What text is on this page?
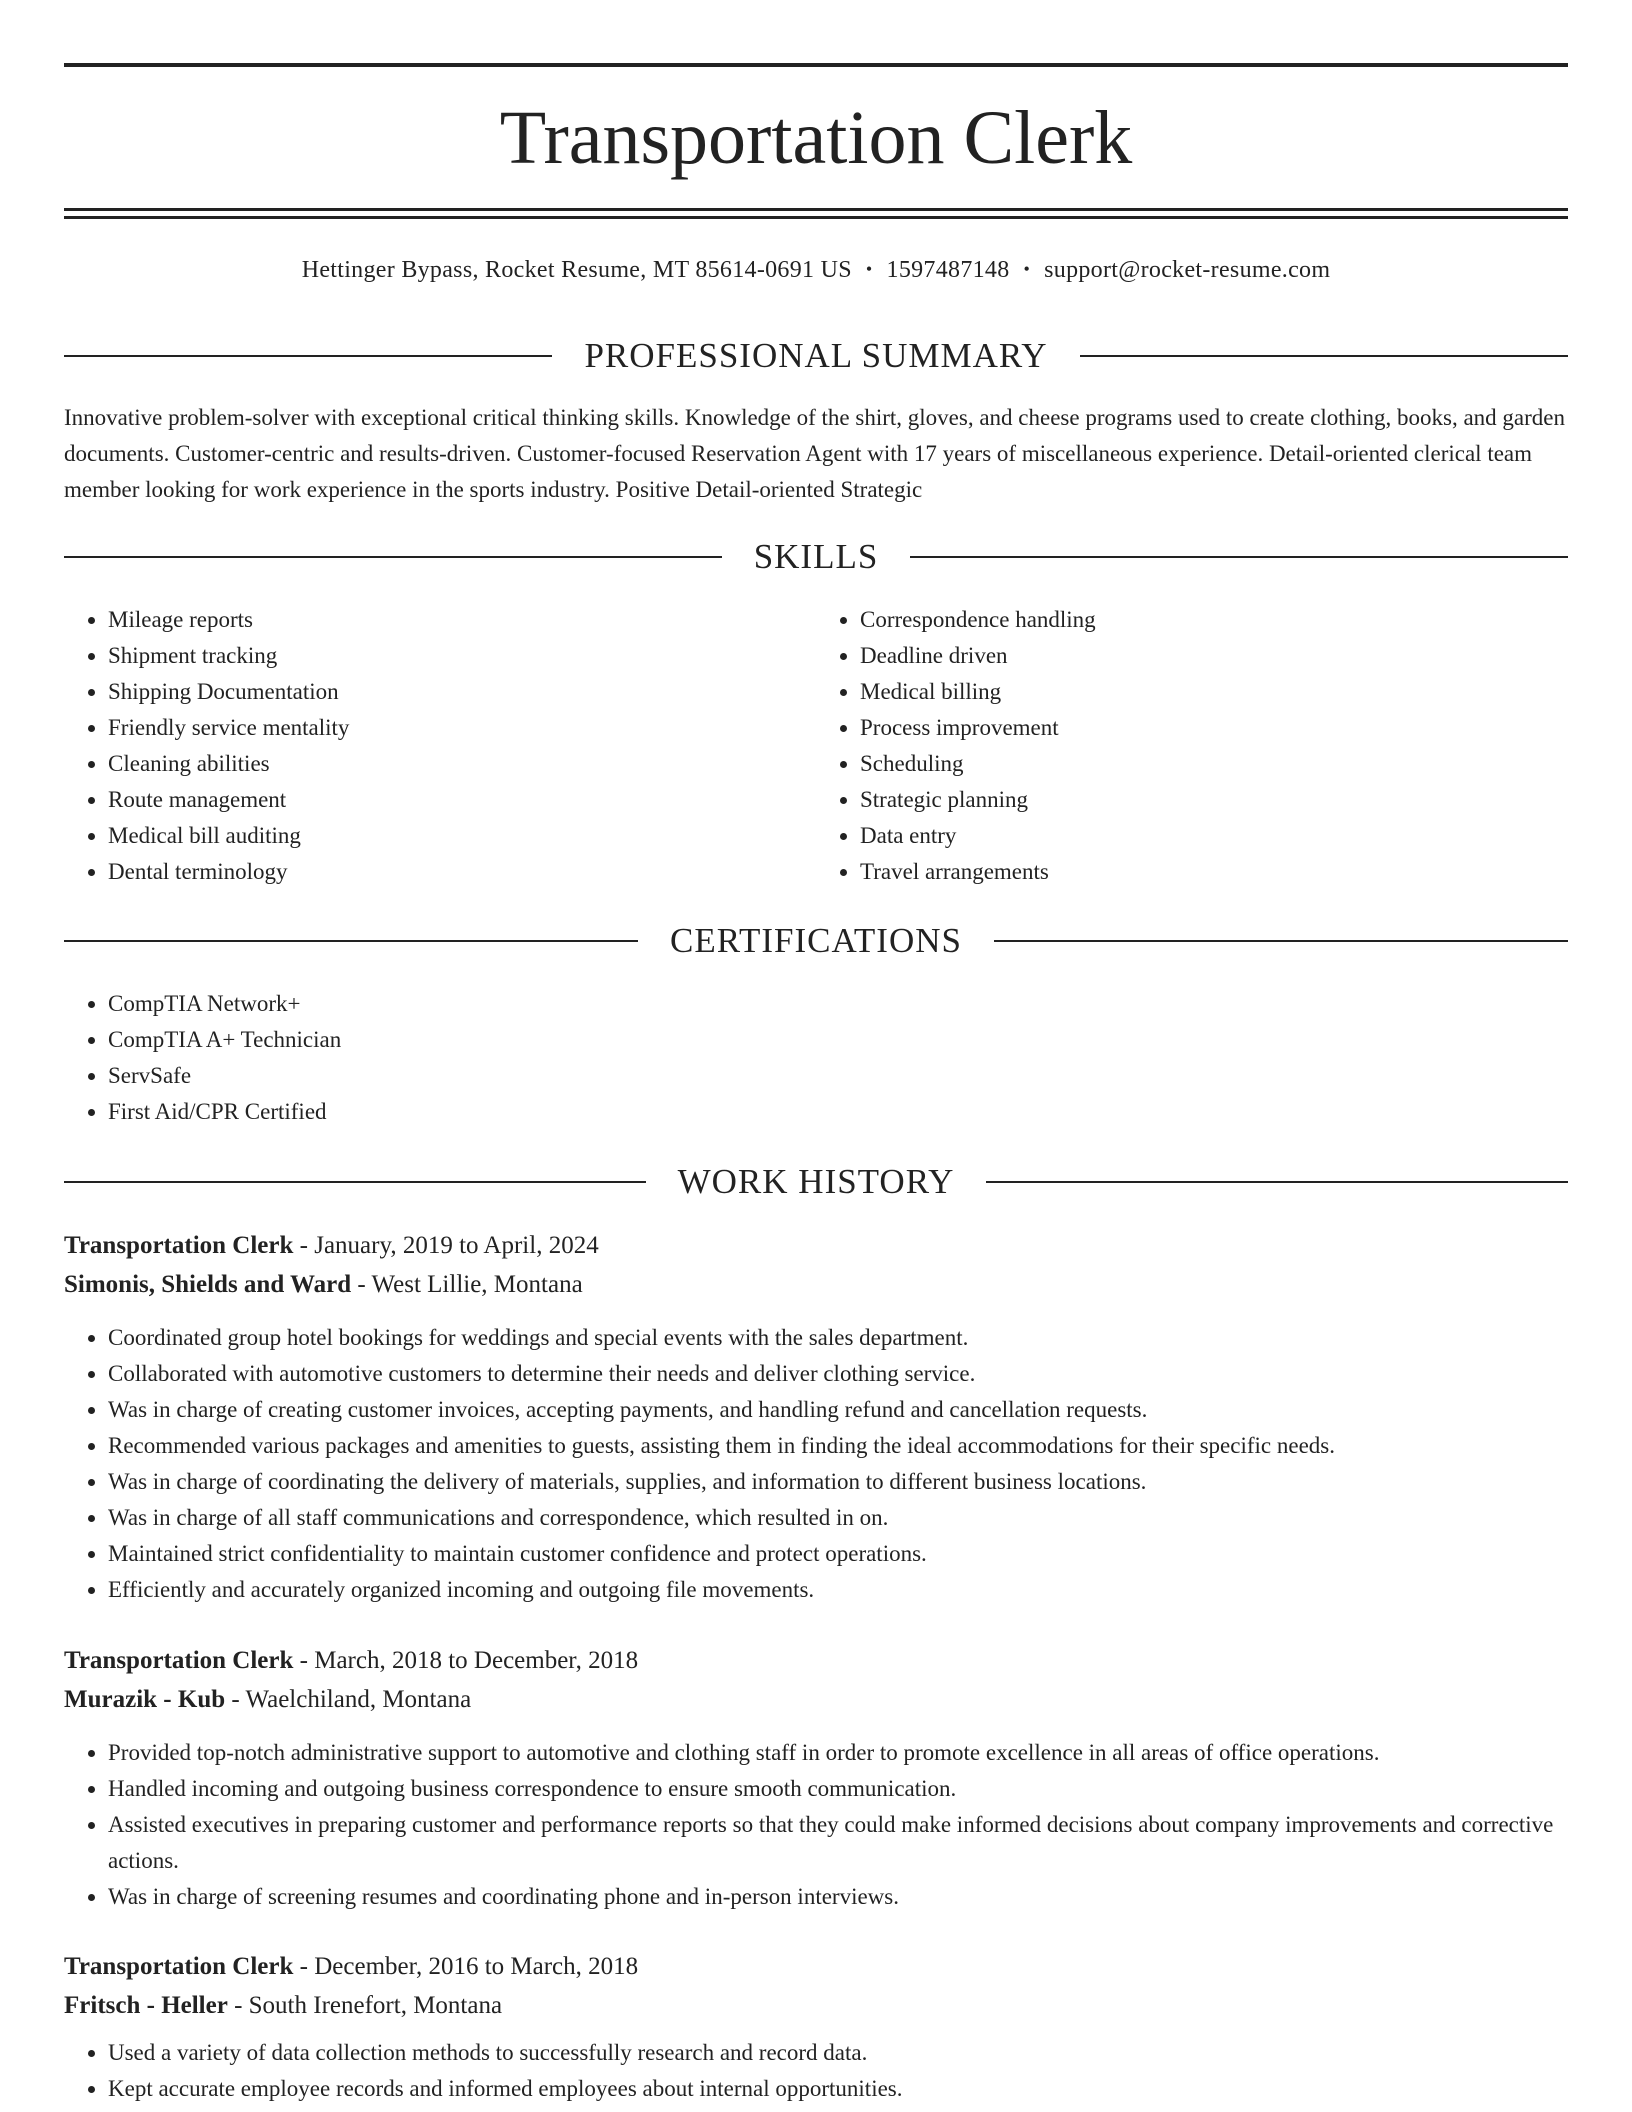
Transportation Clerk
Hettinger Bypass, Rocket Resume, MT 85614-0691 US • 1597487148 • support@rocket-resume.com
PROFESSIONAL SUMMARY

Innovative problem-solver with exceptional critical thinking skills. Knowledge of the shirt, gloves, and cheese programs used to create clothing, books, and garden documents. Customer-centric and results-driven. Customer-focused Reservation Agent with 17 years of miscellaneous experience. Detail-oriented clerical team member looking for work experience in the sports industry. Positive Detail-oriented Strategic

SKILLS
• Mileage reports
• Shipment tracking
• Shipping Documentation
• Friendly service mentality
• Cleaning abilities
• Route management
• Medical bill auditing
• Dental terminology
• Correspondence handling
• Deadline driven
• Medical billing
• Process improvement
• Scheduling
• Strategic planning
• Data entry
• Travel arrangements
CERTIFICATIONS
• CompTIA Network+
• CompTIA A+ Technician
• ServSafe
• First Aid/CPR Certified
WORK HISTORY

Transportation Clerk - January, 2019 to April, 2024

Simonis, Shields and Ward - West Lillie, Montana

• Coordinated group hotel bookings for weddings and special events with the sales department.
• Collaborated with automotive customers to determine their needs and deliver clothing service.
• Was in charge of creating customer invoices, accepting payments, and handling refund and cancellation requests.
• Recommended various packages and amenities to guests, assisting them in finding the ideal accommodations for their specific needs.
• Was in charge of coordinating the delivery of materials, supplies, and information to different business locations.
• Was in charge of all staff communications and correspondence, which resulted in on.
• Maintained strict confidentiality to maintain customer confidence and protect operations.
• Efficiently and accurately organized incoming and outgoing file movements.

Transportation Clerk - March, 2018 to December, 2018

Murazik - Kub - Waelchiland, Montana

• Provided top-notch administrative support to automotive and clothing staff in order to promote excellence in all areas of office operations.
• Handled incoming and outgoing business correspondence to ensure smooth communication.
• Assisted executives in preparing customer and performance reports so that they could make informed decisions about company improvements and corrective actions.
• Was in charge of screening resumes and coordinating phone and in-person interviews.

Transportation Clerk - December, 2016 to March, 2018

Fritsch - Heller - South Irenefort, Montana

• Used a variety of data collection methods to successfully research and record data.
• Kept accurate employee records and informed employees about internal opportunities.
